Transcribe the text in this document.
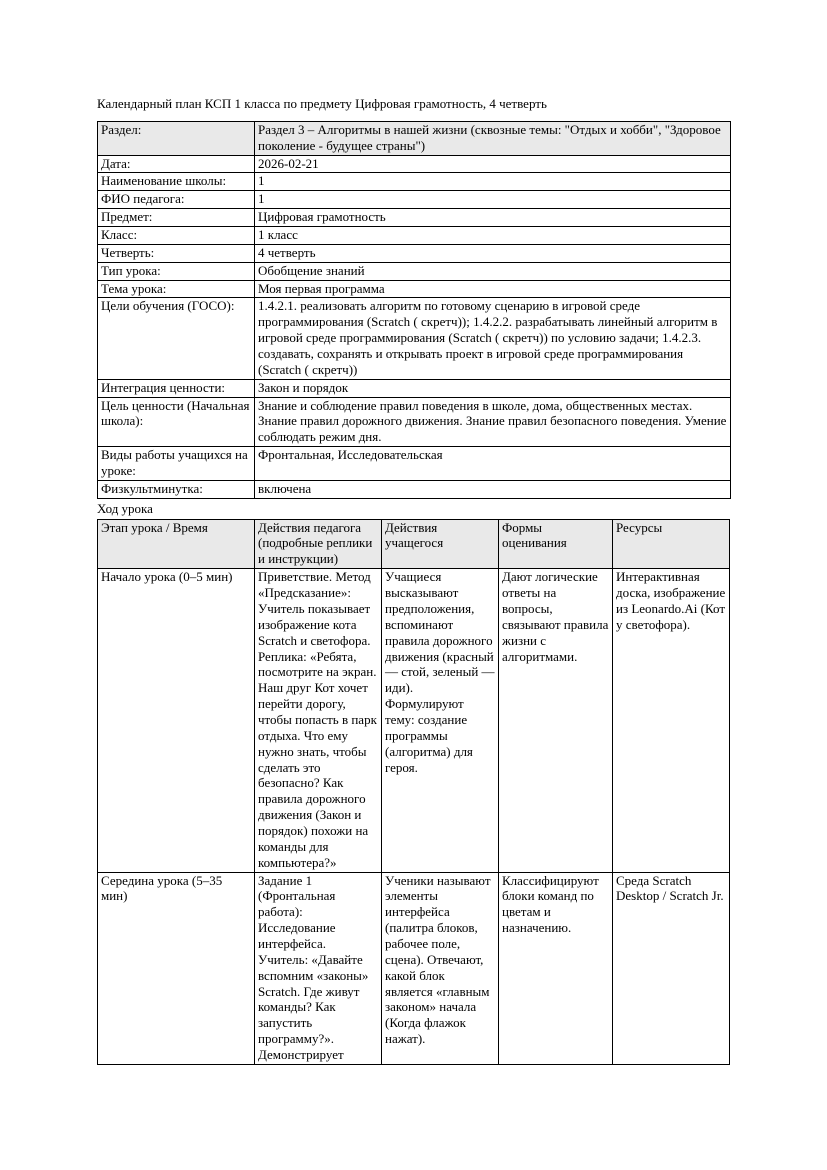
Календарный план КСП 1 класса по предмету Цифровая грамотность, 4 четверть

Раздел:	Раздел 3 – Алгоритмы в нашей жизни (сквозные темы: "Отдых и хобби", "Здоровое поколение - будущее страны")
Дата:	2026-02-21
Наименование школы:	1
ФИО педагога:	1
Предмет:	Цифровая грамотность
Класс:	1 класс
Четверть:	4 четверть
Тип урока:	Обобщение знаний
Тема урока:	Моя первая программа
Цели обучения (ГОСО):	1.4.2.1. реализовать алгоритм по готовому сценарию в игровой среде программирования (Scratch ( скретч)); 1.4.2.2. разрабатывать линейный алгоритм в игровой среде программирования (Scratch ( скретч)) по условию задачи; 1.4.2.3. создавать, сохранять и открывать проект в игровой среде программирования (Scratch ( скретч))
Интеграция ценности:	Закон и порядок
Цель ценности (Начальная школа):	Знание и соблюдение правил поведения в школе, дома, общественных местах. Знание правил дорожного движения. Знание правил безопасного поведения. Умение соблюдать режим дня.
Виды работы учащихся на уроке:	Фронтальная, Исследовательская
Физкультминутка:	включена

Ход урока

Этап урока / Время	Действия педагога (подробные реплики и инструкции)	Действия учащегося	Формы оценивания	Ресурсы
Начало урока (0–5 мин)	Приветствие. Метод «Предсказание»: Учитель показывает изображение кота Scratch и светофора. Реплика: «Ребята, посмотрите на экран. Наш друг Кот хочет перейти дорогу, чтобы попасть в парк отдыха. Что ему нужно знать, чтобы сделать это безопасно? Как правила дорожного движения (Закон и порядок) похожи на команды для компьютера?»	Учащиеся высказывают предположения, вспоминают правила дорожного движения (красный — стой, зеленый — иди). Формулируют тему: создание программы (алгоритма) для героя.	Дают логические ответы на вопросы, связывают правила жизни с алгоритмами.	Интерактивная доска, изображение из Leonardo.Ai (Кот у светофора).
Середина урока (5–35 мин)	Задание 1 (Фронтальная работа): Исследование интерфейса. Учитель: «Давайте вспомним «законы» Scratch. Где живут команды? Как запустить программу?». Демонстрирует	Ученики называют элементы интерфейса (палитра блоков, рабочее поле, сцена). Отвечают, какой блок является «главным законом» начала (Когда флажок нажат).	Классифицируют блоки команд по цветам и назначению.	Среда Scratch Desktop / Scratch Jr.
